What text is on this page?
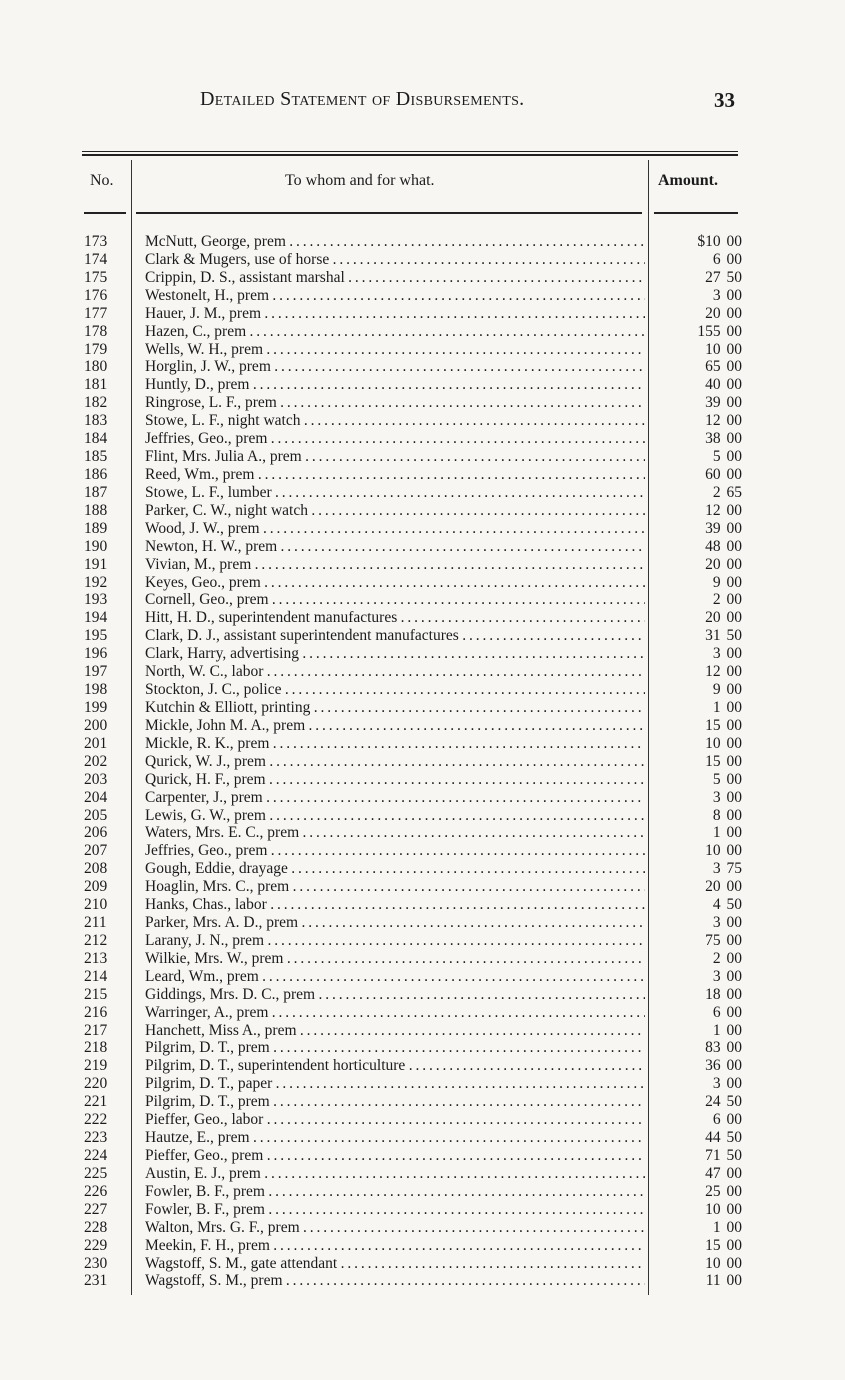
Detailed Statement of Disbursements.	33
No.	To whom and for what.	Amount.
173	McNutt, George, prem . . .	$10 00
174	Clark & Mugers, use of horse . . .	6 00
175	Crippin, D. S., assistant marshal . . .	27 50
176	Westonelt, H., prem . . .	3 00
177	Hauer, J. M., prem . . .	20 00
178	Hazen, C., prem . . .	155 00
179	Wells, W. H., prem . . .	10 00
180	Horglin, J. W., prem . . .	65 00
181	Huntly, D., prem . . .	40 00
182	Ringrose, L. F., prem . . .	39 00
183	Stowe, L. F., night watch . . .	12 00
184	Jeffries, Geo., prem . . .	38 00
185	Flint, Mrs. Julia A., prem . . .	5 00
186	Reed, Wm., prem . . .	60 00
187	Stowe, L. F., lumber . . .	2 65
188	Parker, C. W., night watch . . .	12 00
189	Wood, J. W., prem . . .	39 00
190	Newton, H. W., prem . . .	48 00
191	Vivian, M., prem . . .	20 00
192	Keyes, Geo., prem . . .	9 00
193	Cornell, Geo., prem . . .	2 00
194	Hitt, H. D., superintendent manufactures . . .	20 00
195	Clark, D. J., assistant superintendent manufactures . . .	31 50
196	Clark, Harry, advertising . . .	3 00
197	North, W. C., labor . . .	12 00
198	Stockton, J. C., police . . .	9 00
199	Kutchin & Elliott, printing . . .	1 00
200	Mickle, John M. A., prem . . .	15 00
201	Mickle, R. K., prem . . .	10 00
202	Qurick, W. J., prem . . .	15 00
203	Qurick, H. F., prem . . .	5 00
204	Carpenter, J., prem . . .	3 00
205	Lewis, G. W., prem . . .	8 00
206	Waters, Mrs. E. C., prem . . .	1 00
207	Jeffries, Geo., prem . . .	10 00
208	Gough, Eddie, drayage . . .	3 75
209	Hoaglin, Mrs. C., prem . . .	20 00
210	Hanks, Chas., labor . . .	4 50
211	Parker, Mrs. A. D., prem . . .	3 00
212	Larany, J. N., prem . . .	75 00
213	Wilkie, Mrs. W., prem . . .	2 00
214	Leard, Wm., prem . . .	3 00
215	Giddings, Mrs. D. C., prem . . .	18 00
216	Warringer, A., prem . . .	6 00
217	Hanchett, Miss A., prem . . .	1 00
218	Pilgrim, D. T., prem . . .	83 00
219	Pilgrim, D. T., superintendent horticulture . . .	36 00
220	Pilgrim, D. T., paper . . .	3 00
221	Pilgrim, D. T., prem . . .	24 50
222	Pieffer, Geo., labor . . .	6 00
223	Hautze, E., prem . . .	44 50
224	Pieffer, Geo., prem . . .	71 50
225	Austin, E. J., prem . . .	47 00
226	Fowler, B. F., prem . . .	25 00
227	Fowler, B. F., prem . . .	10 00
228	Walton, Mrs. G. F., prem . . .	1 00
229	Meekin, F. H., prem . . .	15 00
230	Wagstoff, S. M., gate attendant . . .	10 00
231	Wagstoff, S. M., prem . . .	11 00
